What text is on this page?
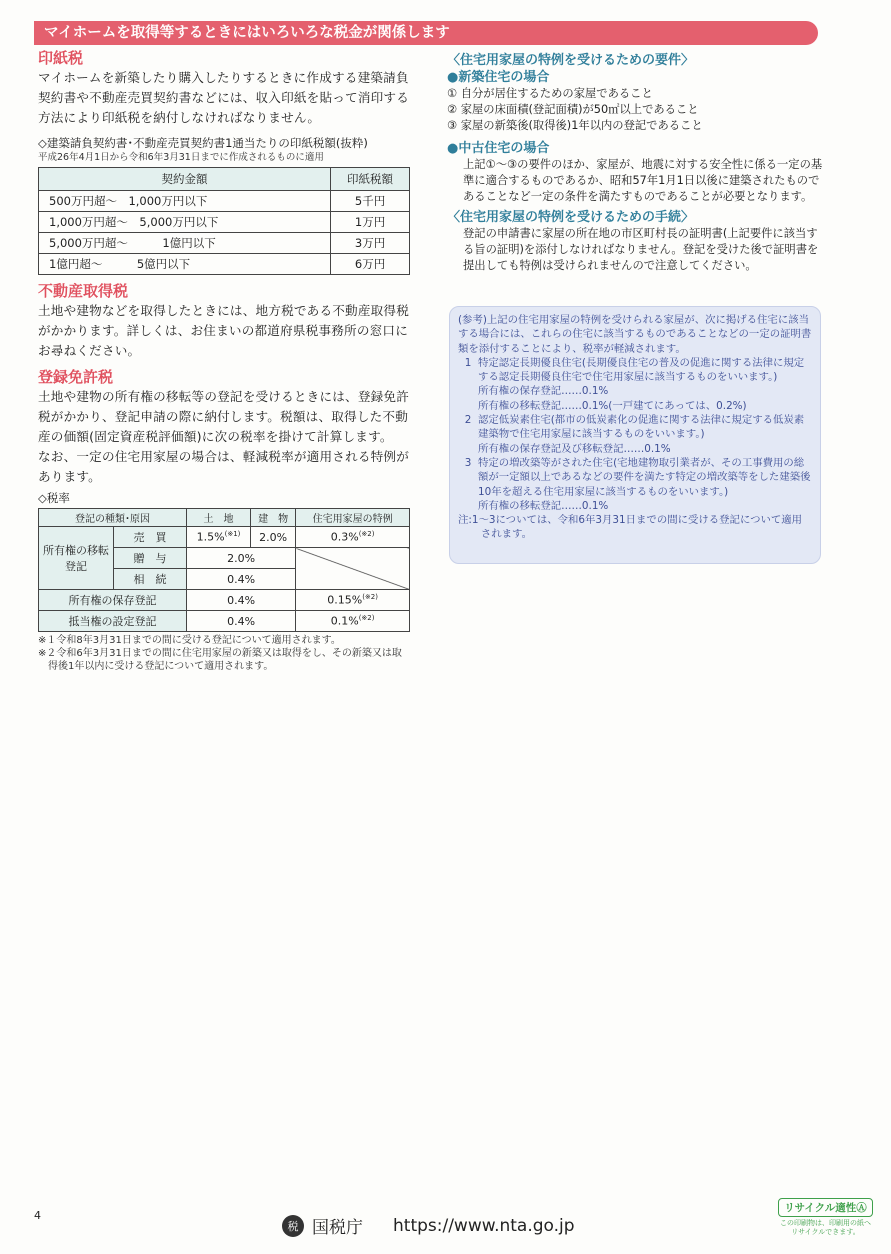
マイホームを取得等するときにはいろいろな税金が関係します

印紙税

マイホームを新築したり購入したりするときに作成する建築請負契約書や不動産売買契約書などには、収入印紙を貼って消印する方法により印紙税を納付しなければなりません。

◇建築請負契約書･不動産売買契約書1通当たりの印紙税額(抜粋)

平成26年4月1日から令和6年3月31日までに作成されるものに適用

契約金額	印紙税額
500万円超～　1,000万円以下	5千円
1,000万円超～　5,000万円以下	1万円
5,000万円超～　　　1億円以下	3万円
1億円超～　　　5億円以下	6万円

不動産取得税

土地や建物などを取得したときには、地方税である不動産取得税がかかります。詳しくは、お住まいの都道府県税事務所の窓口にお尋ねください。

登録免許税

土地や建物の所有権の移転等の登記を受けるときには、登録免許税がかかり、登記申請の際に納付します。税額は、取得した不動産の価額(固定資産税評価額)に次の税率を掛けて計算します。

なお、一定の住宅用家屋の場合は、軽減税率が適用される特例があります。

◇税率

登記の種類･原因		土　地	建　物	住宅用家屋の特例
所有権の移転登記	売　買	1.5%$^{(※1)}$	2.0%	0.3%$^{(※2)}$
	贈　与	2.0%		
	相　続	0.4%		
所有権の保存登記		0.4%		0.15%$^{(※2)}$
抵当権の設定登記		0.4%		0.1%$^{(※2)}$

※１令和8年3月31日までの間に受ける登記について適用されます。

※２令和6年3月31日までの間に住宅用家屋の新築又は取得をし、その新築又は取得後1年以内に受ける登記について適用されます。

〈住宅用家屋の特例を受けるための要件〉

●新築住宅の場合

① 自分が居住するための家屋であること

② 家屋の床面積(登記面積)が50㎡以上であること

③ 家屋の新築後(取得後)1年以内の登記であること

●中古住宅の場合

上記①～③の要件のほか、家屋が、地震に対する安全性に係る一定の基準に適合するものであるか、昭和57年1月1日以後に建築されたものであることなど一定の条件を満たすものであることが必要となります。

〈住宅用家屋の特例を受けるための手続〉

登記の申請書に家屋の所在地の市区町村長の証明書(上記要件に該当する旨の証明)を添付しなければなりません。登記を受けた後で証明書を提出しても特例は受けられませんので注意してください。

(参考)上記の住宅用家屋の特例を受けられる家屋が、次に掲げる住宅に該当する場合には、これらの住宅に該当するものであることなどの一定の証明書類を添付することにより、税率が軽減されます。

1 特定認定長期優良住宅(長期優良住宅の普及の促進に関する法律に規定する認定長期優良住宅で住宅用家屋に該当するものをいいます。)

所有権の保存登記……0.1%

所有権の移転登記……0.1%(一戸建てにあっては、0.2%)

2 認定低炭素住宅(都市の低炭素化の促進に関する法律に規定する低炭素建築物で住宅用家屋に該当するものをいいます。)

所有権の保存登記及び移転登記……0.1%

3 特定の増改築等がされた住宅(宅地建物取引業者が、その工事費用の総額が一定額以上であるなどの要件を満たす特定の増改築等をした建築後10年を超える住宅用家屋に該当するものをいいます。)

所有権の移転登記……0.1%

注:1～3については、令和6年3月31日までの間に受ける登記について適用されます。

4
税 国税庁 https://www.nta.go.jp
リサイクル適性Ⓐ
この印刷物は、印刷用の紙へリサイクルできます。
